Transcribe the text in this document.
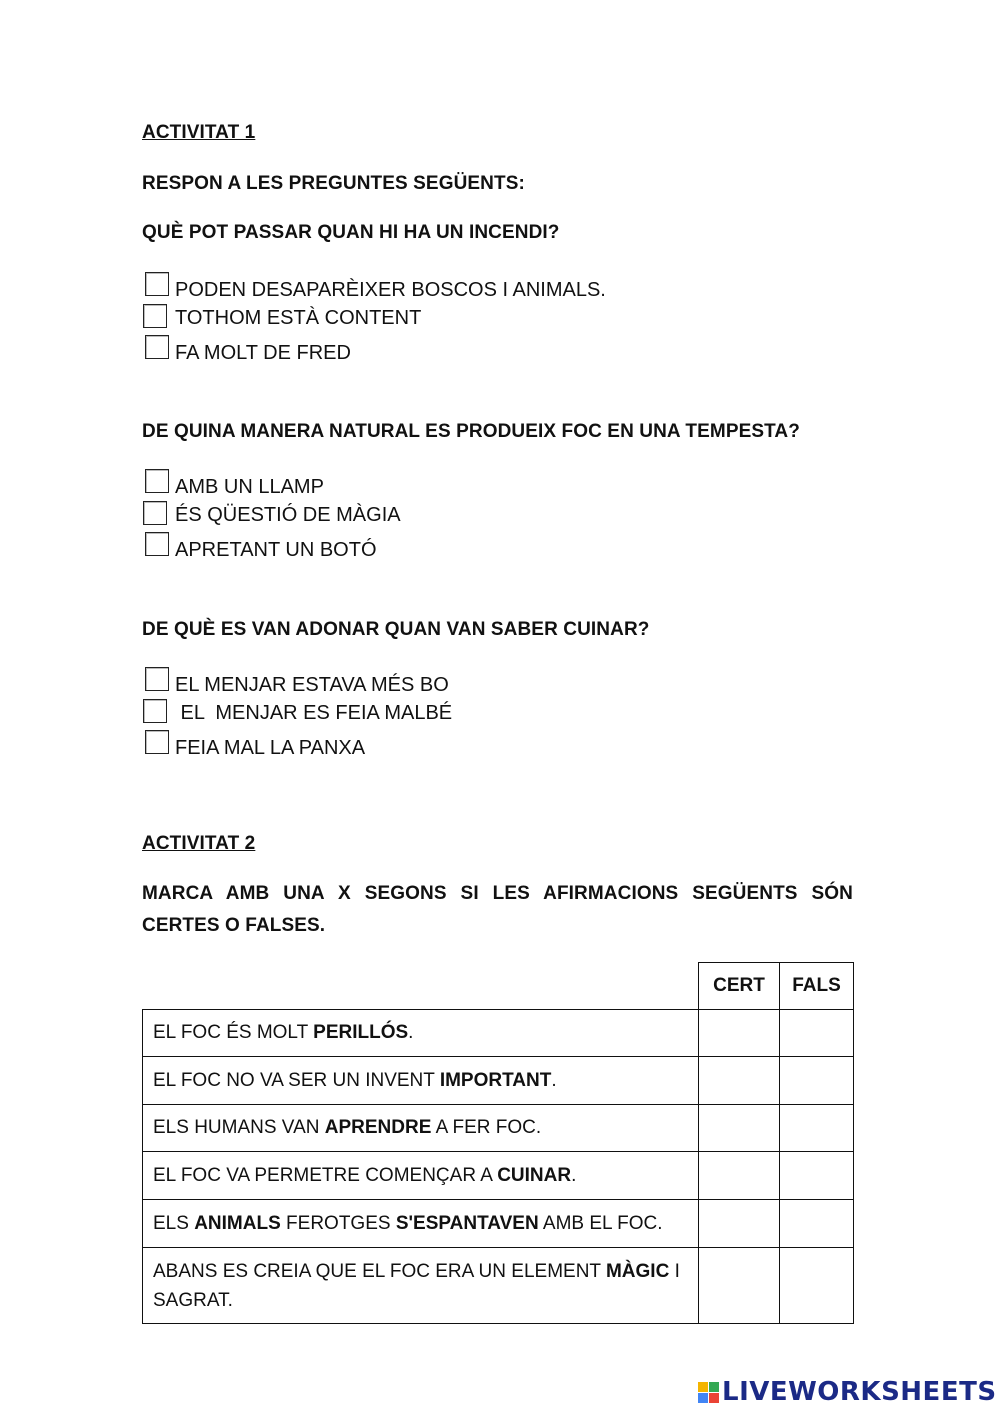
ACTIVITAT 1
RESPON A LES PREGUNTES SEGÜENTS:
QUÈ POT PASSAR QUAN HI HA UN INCENDI?
PODEN DESAPARÈIXER BOSCOS I ANIMALS.
TOTHOM ESTÀ CONTENT
FA MOLT DE FRED
DE QUINA MANERA NATURAL ES PRODUEIX FOC EN UNA TEMPESTA?
AMB UN LLAMP
ÉS QÜESTIÓ DE MÀGIA
APRETANT UN BOTÓ
DE QUÈ ES VAN ADONAR QUAN VAN SABER CUINAR?
EL MENJAR ESTAVA MÉS BO
EL  MENJAR ES FEIA MALBÉ
FEIA MAL LA PANXA
ACTIVITAT 2
MARCA AMB UNA X SEGONS SI LES AFIRMACIONS SEGÜENTS SÓN
CERTES O FALSES.
	CERT	FALS
EL FOC ÉS MOLT PERILLÓS.		
EL FOC NO VA SER UN INVENT IMPORTANT.		
ELS HUMANS VAN APRENDRE A FER FOC.		
EL FOC VA PERMETRE COMENÇAR A CUINAR.		
ELS ANIMALS FEROTGES S'ESPANTAVEN AMB EL FOC.		
ABANS ES CREIA QUE EL FOC ERA UN ELEMENT MÀGIC I SAGRAT.		
LIVEWORKSHEETS
